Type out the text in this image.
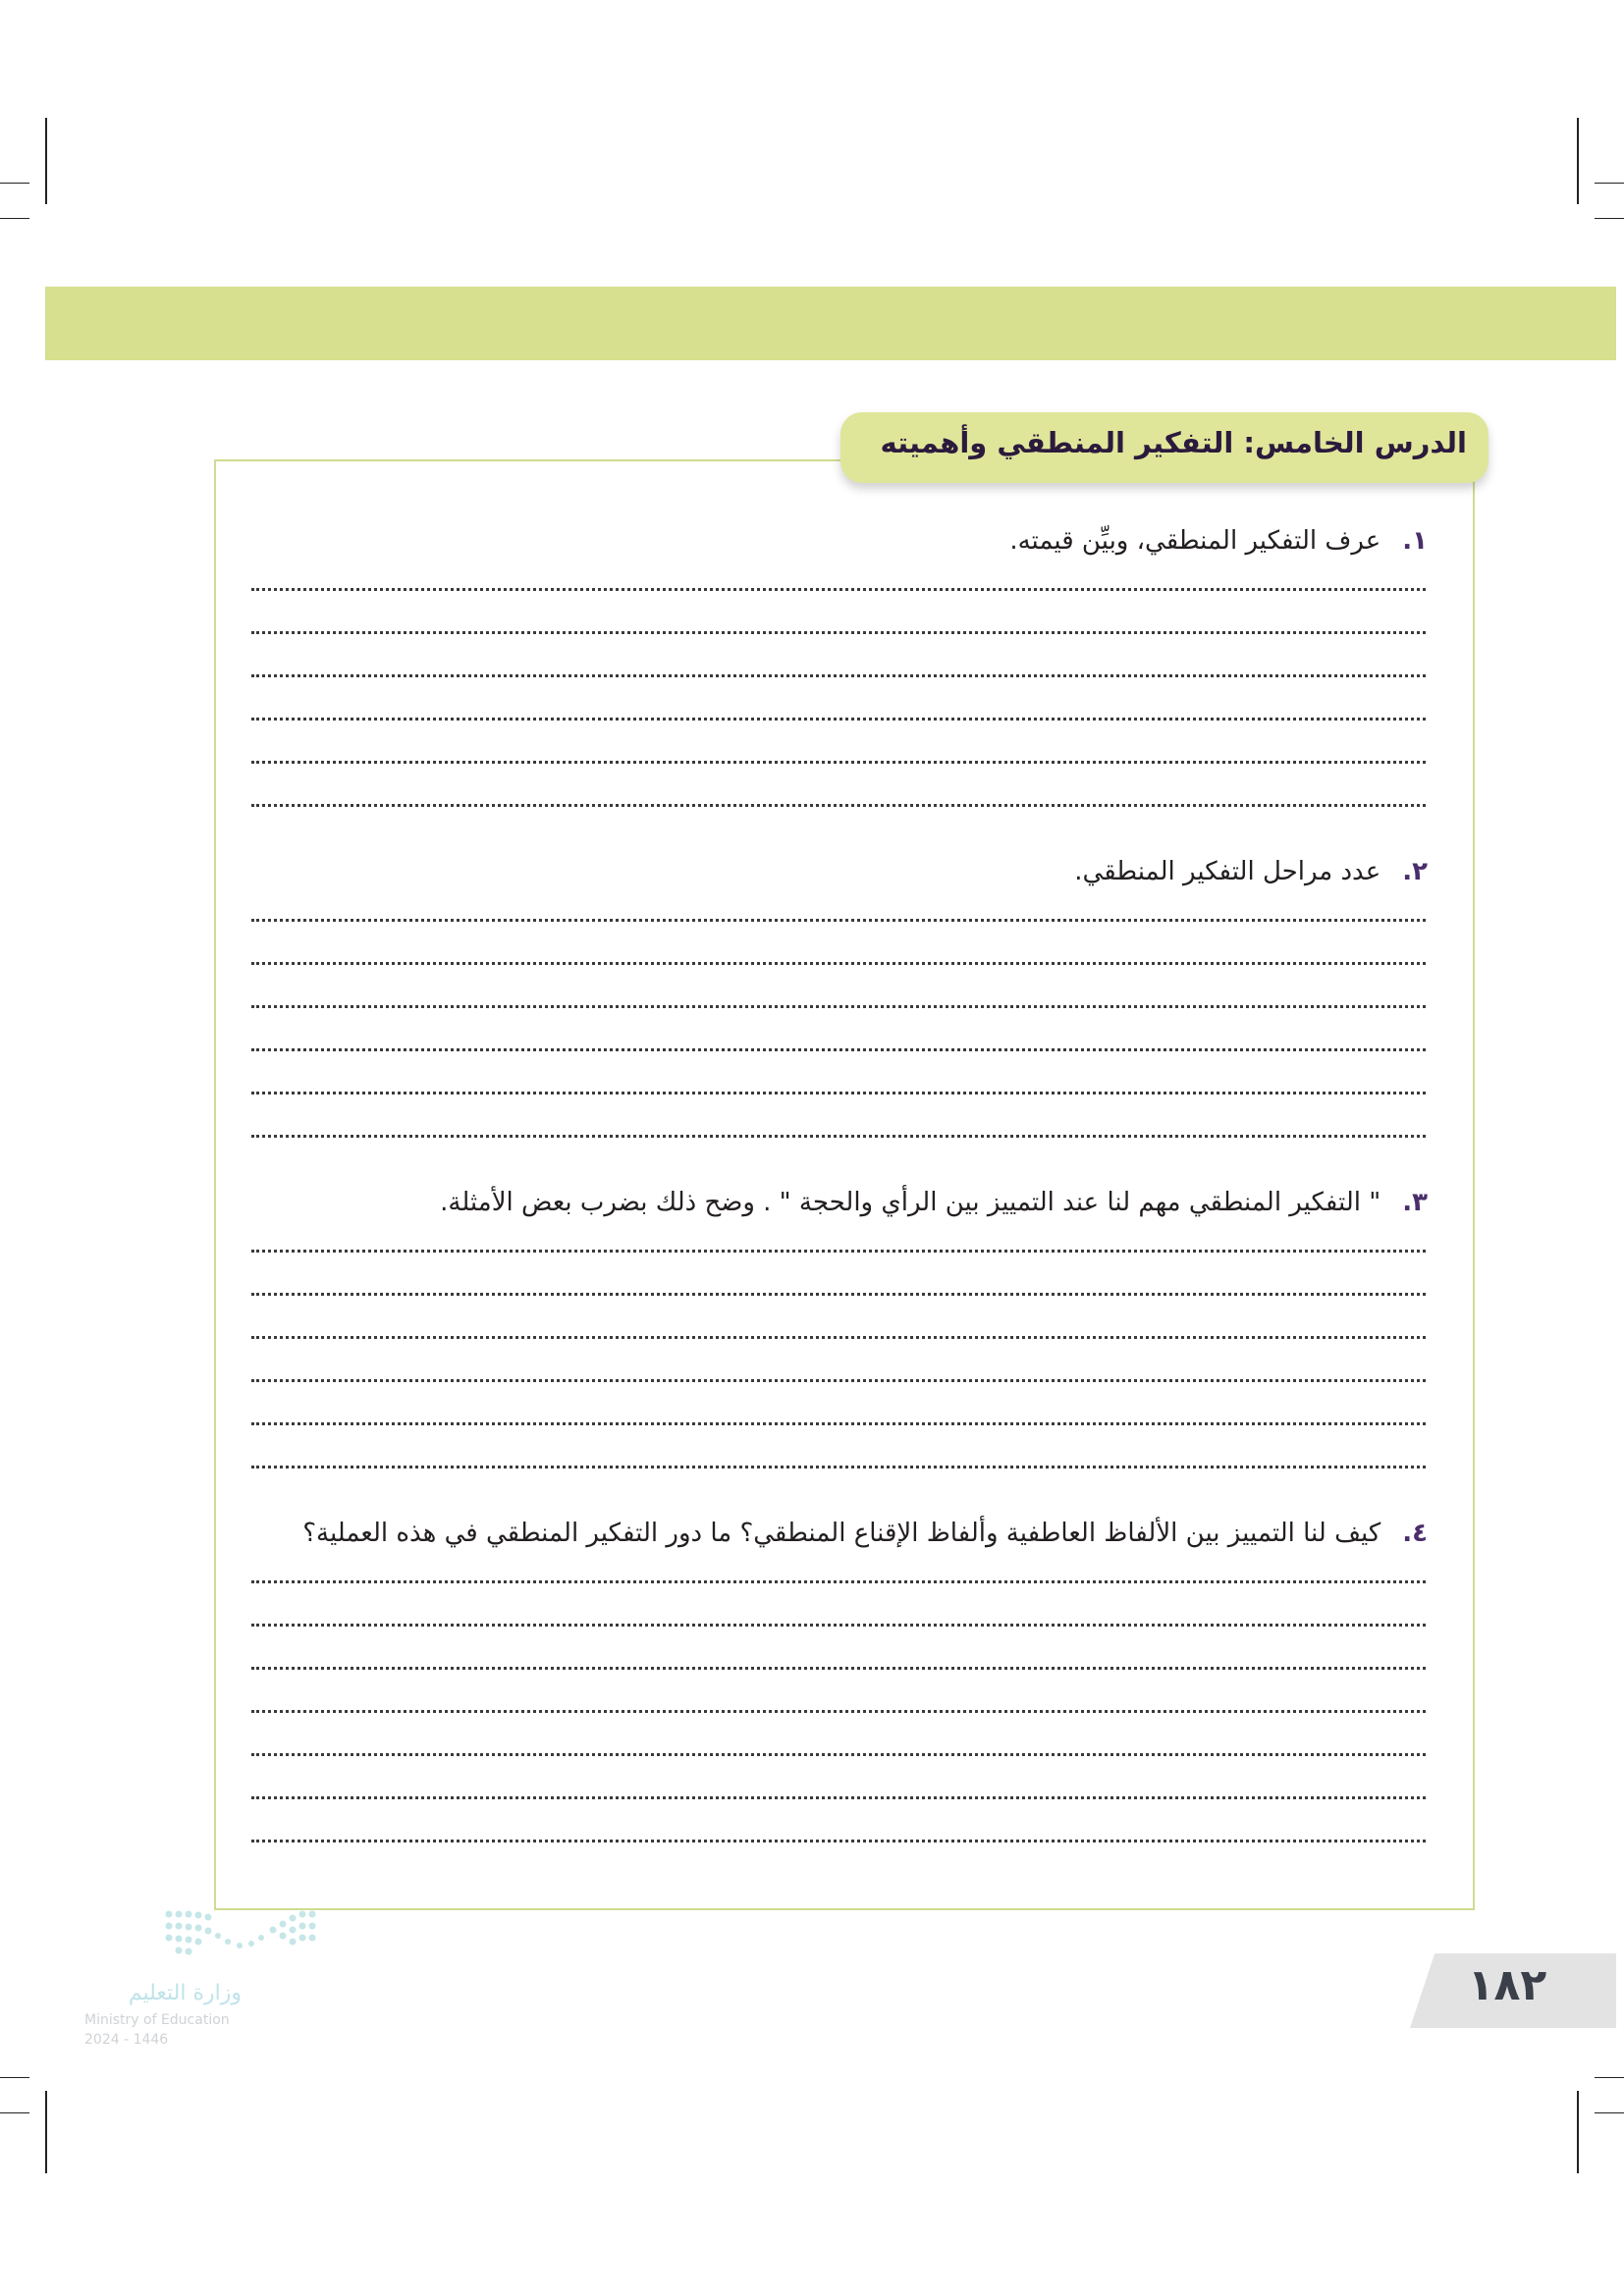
الدرس الخامس: التفكير المنطقي وأهميته
١.عرف التفكير المنطقي، وبيِّن قيمته.
٢.عدد مراحل التفكير المنطقي.
٣." التفكير المنطقي مهم لنا عند التمييز بين الرأي والحجة " . وضح ذلك بضرب بعض الأمثلة.
٤.كيف لنا التمييز بين الألفاظ العاطفية وألفاظ الإقناع المنطقي؟ ما دور التفكير المنطقي في هذه العملية؟
وزارة التعليم
Ministry of Education
2024 - 1446
١٨٢
